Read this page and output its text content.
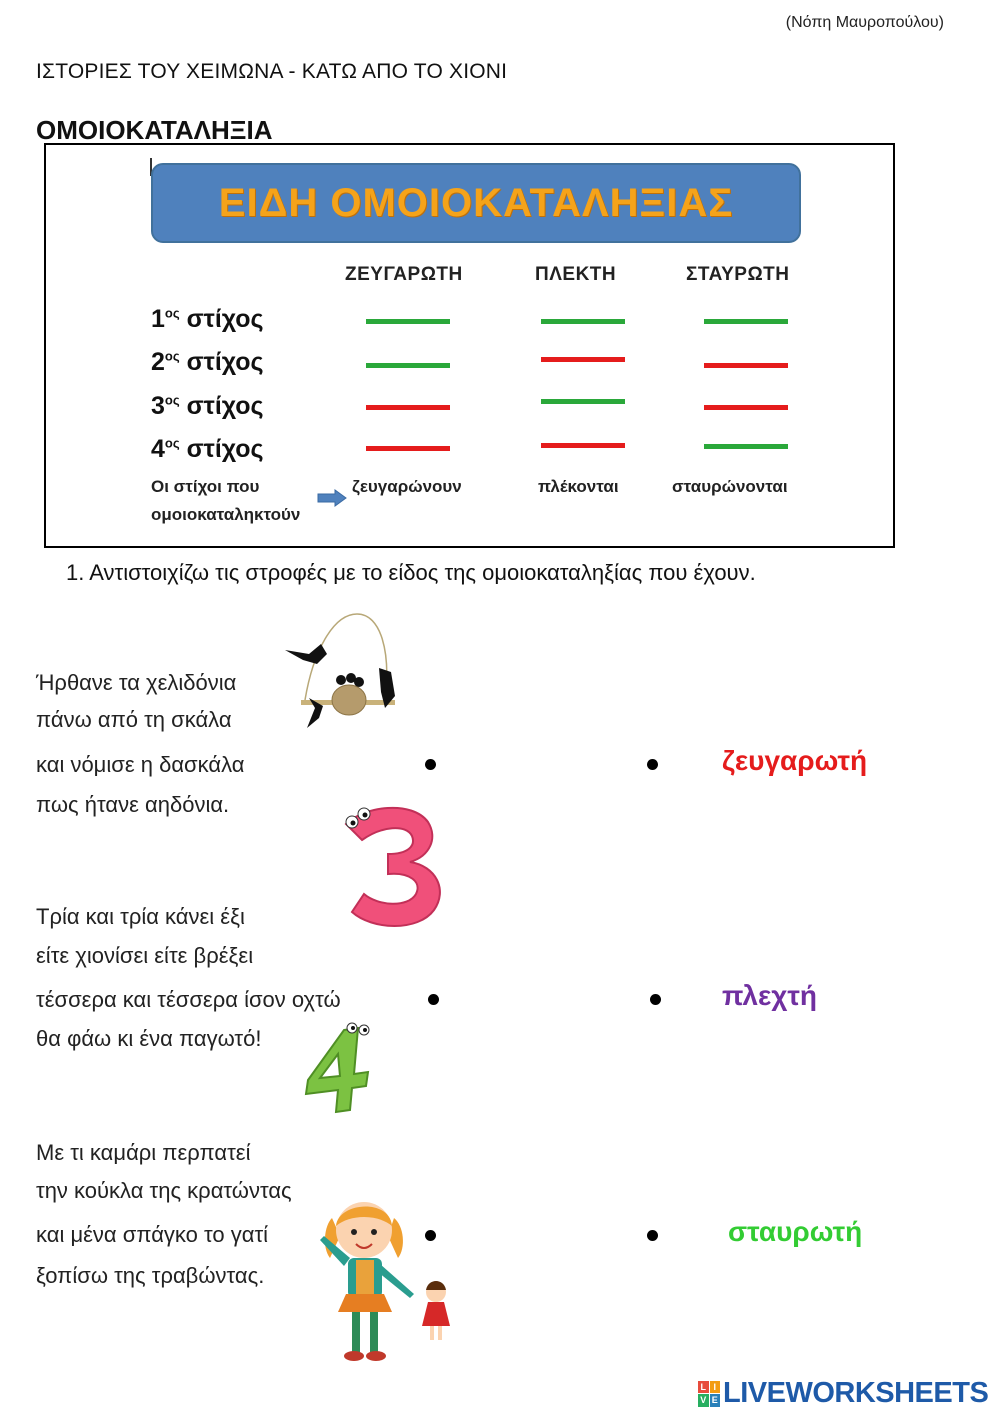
(Νόπη Μαυροπούλου)
ΙΣΤΟΡΙΕΣ ΤΟΥ ΧΕΙΜΩΝΑ - ΚΑΤΩ ΑΠΟ ΤΟ ΧΙΟΝΙ
ΟΜΟΙΟΚΑΤΑΛΗΞΙΑ
ΕΙΔΗ ΟΜΟΙΟΚΑΤΑΛΗΞΙΑΣ
ΖΕΥΓΑΡΩΤΗ	ΠΛΕΚΤΗ	ΣΤΑΥΡΩΤΗ
$1^{o\varsigma}$ στίχος
$2^{o\varsigma}$ στίχος
$3^{o\varsigma}$ στίχος
$4^{o\varsigma}$ στίχος
Οι στίχοι που
ομοιοκαταληκτούν
ζευγαρώνουν	πλέκονται	σταυρώνονται
1. Αντιστοιχίζω τις στροφές με το είδος της ομοιοκαταληξίας που έχουν.
Ήρθανε τα χελιδόνια
πάνω από τη σκάλα
και νόμισε η δασκάλα
πως ήτανε αηδόνια.
ζευγαρωτή
Τρία και τρία κάνει έξι
είτε χιονίσει είτε βρέξει
τέσσερα και τέσσερα ίσον οχτώ
θα φάω κι ένα παγωτό!
πλεχτή
Με τι καμάρι περπατεί
την κούκλα της κρατώντας
και μένα σπάγκο το γατί
ξοπίσω της τραβώντας.
σταυρωτή
L I
V E LIVEWORKSHEETS
